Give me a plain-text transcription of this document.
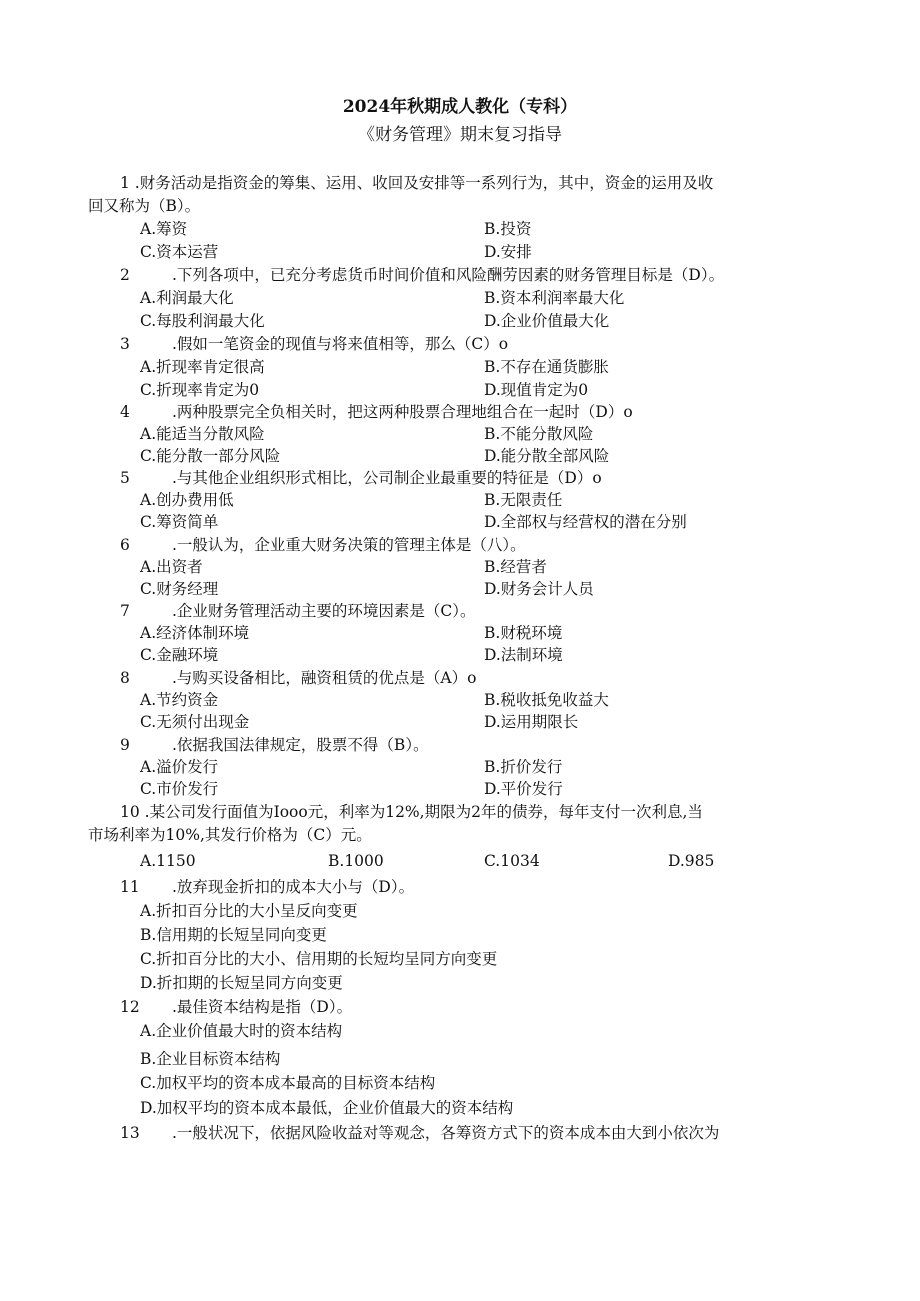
2024年秋期成人教化（专科）
《财务管理》期末复习指导
1 .财务活动是指资金的筹集、运用、收回及安排等一系列行为，其中，资金的运用及收
回又称为（B）。
A.筹资	B.投资
C.资本运营	D.安排
2	.下列各项中，已充分考虑货币时间价值和风险酬劳因素的财务管理目标是（D）。
A.利润最大化	B.资本利润率最大化
C.每股利润最大化	D.企业价值最大化
3	.假如一笔资金的现值与将来值相等，那么（C）o
A.折现率肯定很高	B.不存在通货膨胀
C.折现率肯定为0	D.现值肯定为0
4	.两种股票完全负相关时，把这两种股票合理地组合在一起时（D）o
A.能适当分散风险	B.不能分散风险
C.能分散一部分风险	D.能分散全部风险
5	.与其他企业组织形式相比，公司制企业最重要的特征是（D）o
A.创办费用低	B.无限责任
C.筹资简单	D.全部权与经营权的潜在分别
6	.一般认为，企业重大财务决策的管理主体是（八）。
A.出资者	B.经营者
C.财务经理	D.财务会计人员
7	.企业财务管理活动主要的环境因素是（C）。
A.经济体制环境	B.财税环境
C.金融环境	D.法制环境
8	.与购买设备相比，融资租赁的优点是（A）o
A.节约资金	B.税收抵免收益大
C.无须付出现金	D.运用期限长
9	.依据我国法律规定，股票不得（B）。
A.溢价发行	B.折价发行
C.市价发行	D.平价发行
10 .某公司发行面值为Iooo元，利率为12%,期限为2年的债券，每年支付一次利息,当
市场利率为10%,其发行价格为（C）元。
A.1150	B.1000	C.1034	D.985
11 .放弃现金折扣的成本大小与（D）。
A.折扣百分比的大小呈反向变更
B.信用期的长短呈同向变更
C.折扣百分比的大小、信用期的长短均呈同方向变更
D.折扣期的长短呈同方向变更
12 .最佳资本结构是指（D）。
A.企业价值最大时的资本结构
B.企业目标资本结构
C.加权平均的资本成本最高的目标资本结构
D.加权平均的资本成本最低，企业价值最大的资本结构
13 .一般状况下，依据风险收益对等观念，各筹资方式下的资本成本由大到小依次为
